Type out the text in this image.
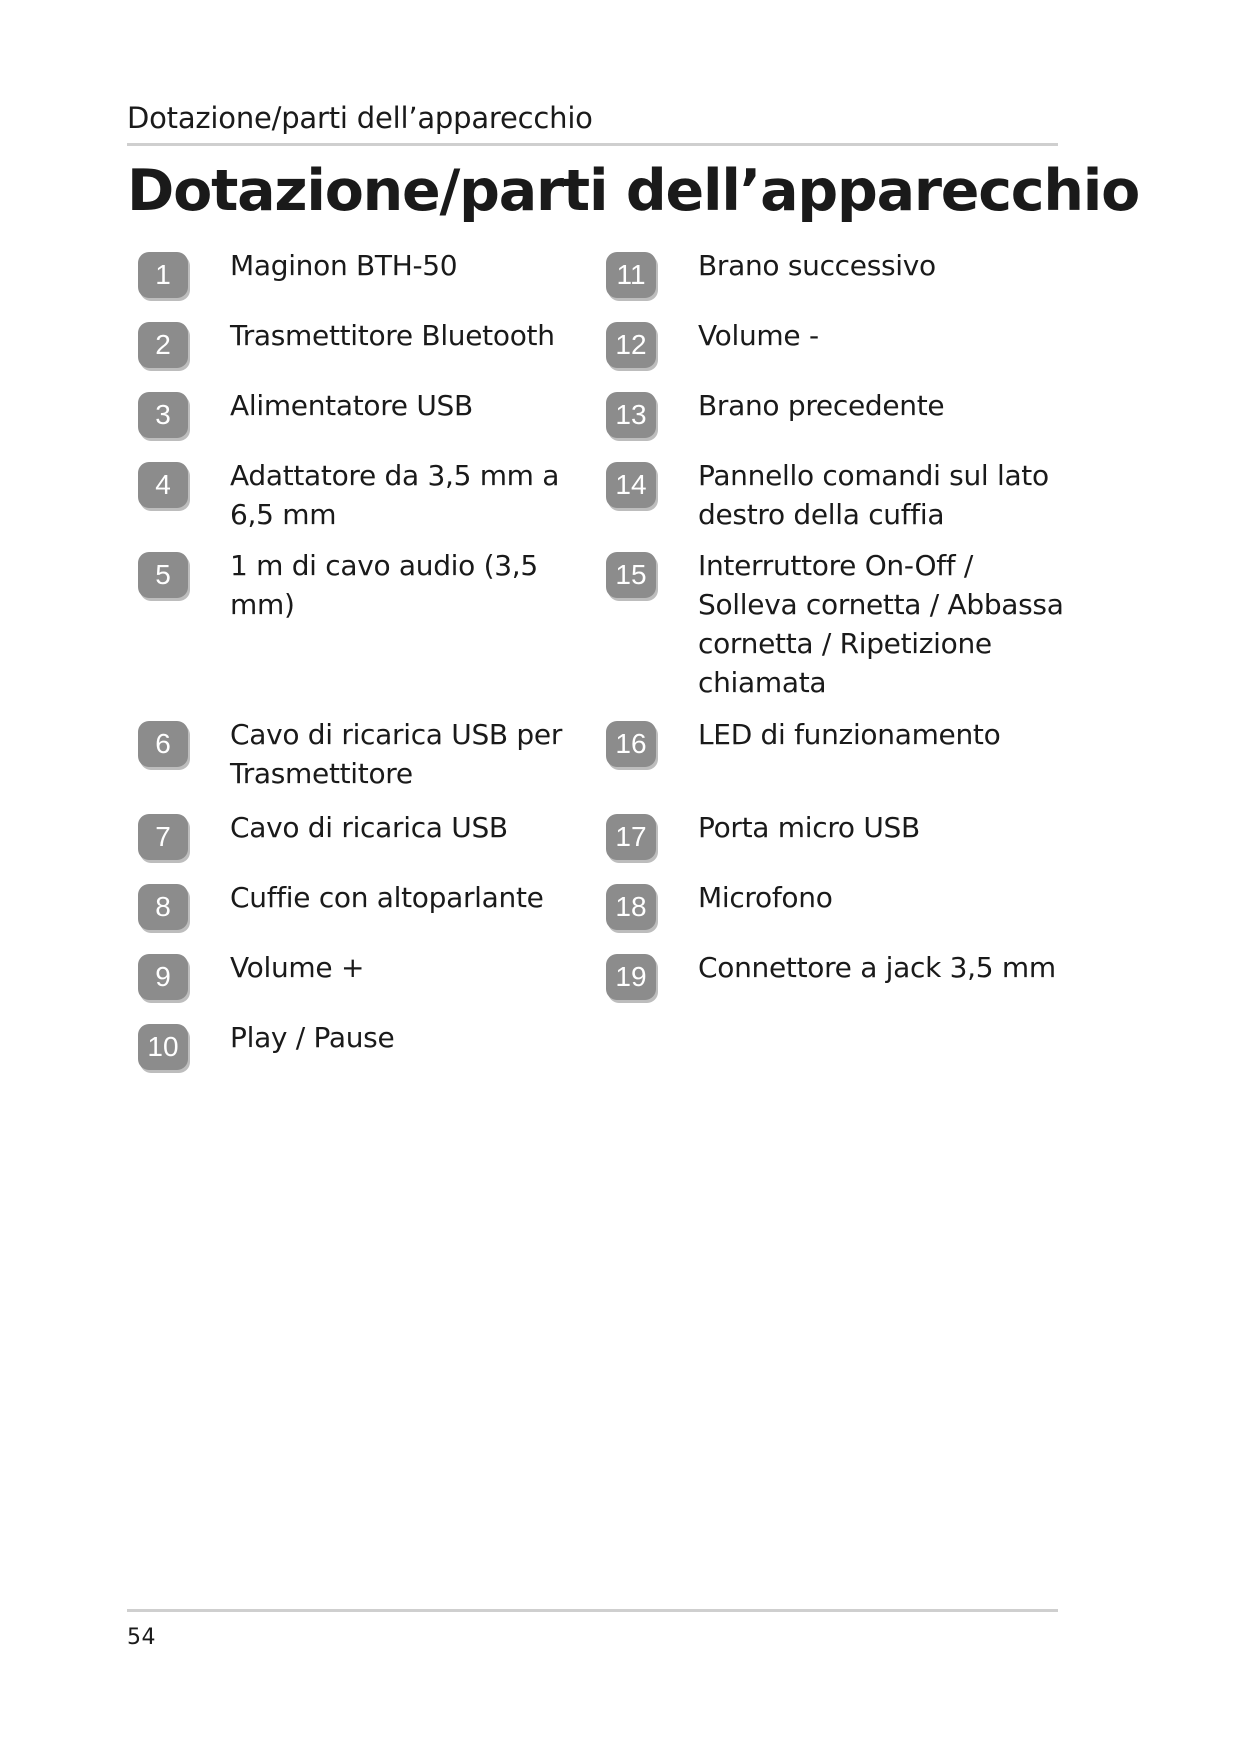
Dotazione/parti dell’apparecchio
Dotazione/parti dell’apparecchio
1	Maginon BTH-50
2	Trasmettitore Bluetooth
3	Alimentatore USB
4	Adattatore da 3,5 mm a 6,5 mm
5	1 m di cavo audio (3,5 mm)
6	Cavo di ricarica USB per Trasmettitore
7	Cavo di ricarica USB
8	Cuffie con altoparlante
9	Volume +
10	Play / Pause
11	Brano successivo
12	Volume -
13	Brano precedente
14	Pannello comandi sul lato destro della cuffia
15	Interruttore On-Off / Solleva cornetta / Abbassa cornetta / Ripetizione chiamata
16	LED di funzionamento
17	Porta micro USB
18	Microfono
19	Connettore a jack 3,5 mm
54
